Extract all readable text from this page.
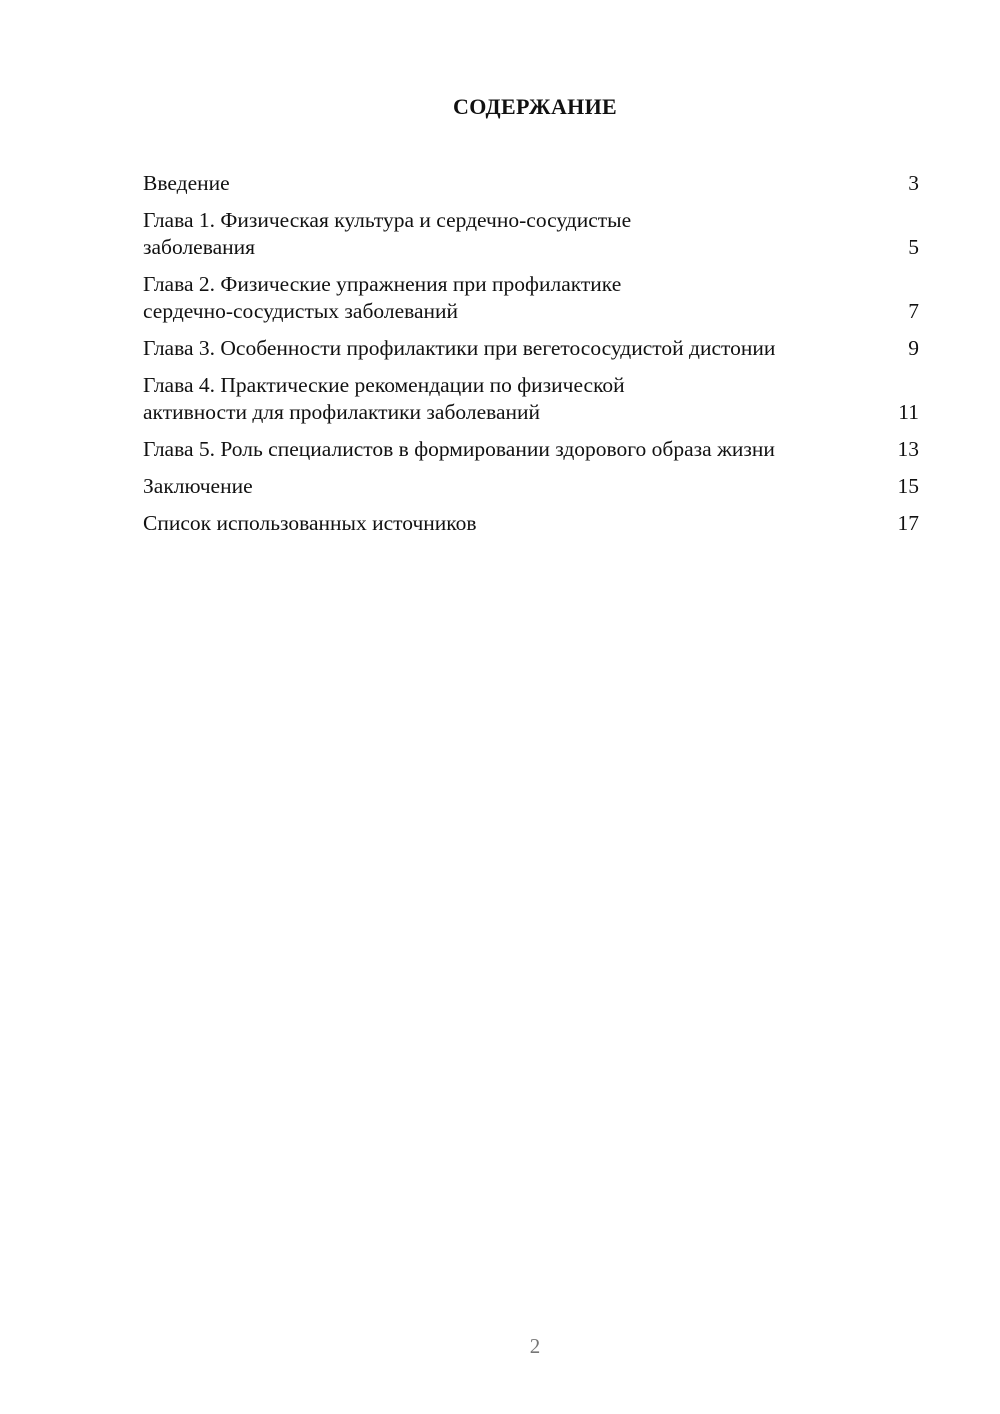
СОДЕРЖАНИЕ
Введение	3
Глава 1. Физическая культура и сердечно-сосудистые заболевания	5
Глава 2. Физические упражнения при профилактике сердечно-сосудистых заболеваний	7
Глава 3. Особенности профилактики при вегетососудистой дистонии	9
Глава 4. Практические рекомендации по физической активности для профилактики заболеваний	11
Глава 5. Роль специалистов в формировании здорового образа жизни	13
Заключение	15
Список использованных источников	17
2
